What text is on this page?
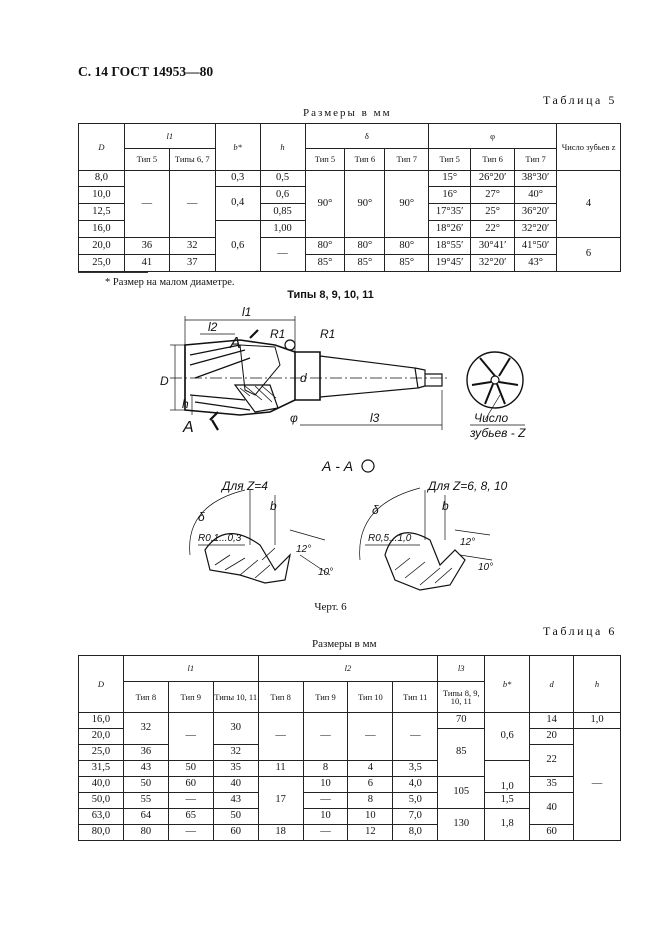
С. 14 ГОСТ 14953—80
Таблица 5
Размеры в мм
D	l1		b*	h	δ			φ			Число зубьев z
	Тип 5	Типы 6, 7			Тип 5	Тип 6	Тип 7	Тип 5	Тип 6	Тип 7	
8,0	—	—	0,3	0,5	90°	90°	90°	15°	26°20′	38°30′	4
10,0			0,4	0,6				16°	27°	40°	
12,5				0,85				17°35′	25°	36°20′	
16,0			0,6	1,00				18°26′	22°	32°20′	
20,0	36	32		—	80°	80°	80°	18°55′	30°41′	41°50′	6
25,0	41	37			85°	85°	85°	19°45′	32°20′	43°	
* Размер на малом диаметре.
Типы 8, 9, 10, 11
l1
l2
l3
R1	R1
A
A
D	d
h
φ	Число
зубьев - Z
А - А
Для Z=4	Для Z=6, 8, 10
R0,1...0,3	R0,5...1,0
b	b
δ	δ
12°
10°
12°
10°
Черт. 6
Таблица 6
Размеры в мм
D	l1			l2				l3	b*	d	h
	Тип 8	Тип 9	Типы 10, 11	Тип 8	Тип 9	Тип 10	Тип 11	Типы 8, 9, 10, 11			
16,0	32	—	30	—	—	—	—	70	0,6	14	1,0
20,0								85		20	—
25,0	36		32							22	
31,5	43	50	35	11	8	4	3,5		1,0		
40,0	50	60	40	17	10	6	4,0	105		35	
50,0	55	—	43		—	8	5,0		1,5	40	
63,0	64	65	50		10	10	7,0	130	1,8		
80,0	80	—	60	18	—	12	8,0			60	
